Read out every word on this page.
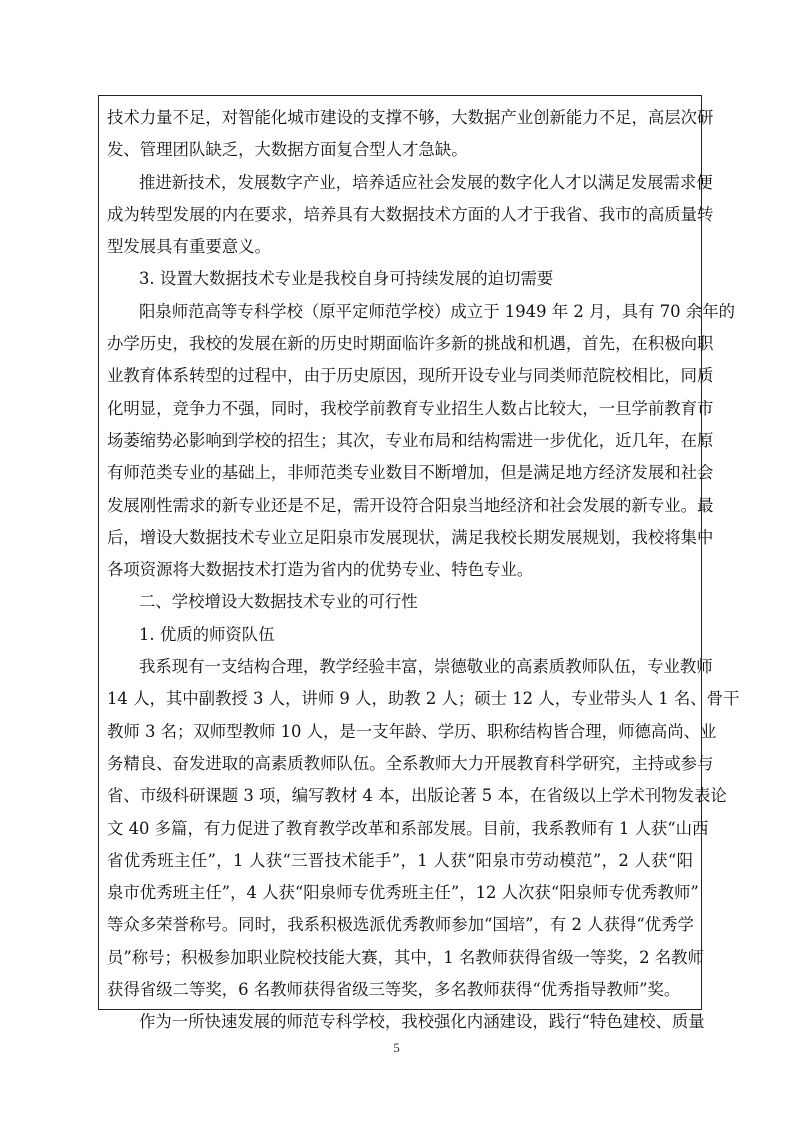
技术力量不足，对智能化城市建设的支撑不够，大数据产业创新能力不足，高层次研
发、管理团队缺乏，大数据方面复合型人才急缺。
推进新技术，发展数字产业，培养适应社会发展的数字化人才以满足发展需求便
成为转型发展的内在要求，培养具有大数据技术方面的人才于我省、我市的高质量转
型发展具有重要意义。
3. 设置大数据技术专业是我校自身可持续发展的迫切需要
阳泉师范高等专科学校（原平定师范学校）成立于 1949 年 2 月，具有 70 余年的
办学历史，我校的发展在新的历史时期面临许多新的挑战和机遇，首先，在积极向职
业教育体系转型的过程中，由于历史原因，现所开设专业与同类师范院校相比，同质
化明显，竞争力不强，同时，我校学前教育专业招生人数占比较大，一旦学前教育市
场萎缩势必影响到学校的招生；其次，专业布局和结构需进一步优化，近几年，在原
有师范类专业的基础上，非师范类专业数目不断增加，但是满足地方经济发展和社会
发展刚性需求的新专业还是不足，需开设符合阳泉当地经济和社会发展的新专业。最
后，增设大数据技术专业立足阳泉市发展现状，满足我校长期发展规划，我校将集中
各项资源将大数据技术打造为省内的优势专业、特色专业。
二、学校增设大数据技术专业的可行性
1. 优质的师资队伍
我系现有一支结构合理，教学经验丰富，崇德敬业的高素质教师队伍，专业教师
14 人，其中副教授 3 人，讲师 9 人，助教 2 人；硕士 12 人，专业带头人 1 名、骨干
教师 3 名；双师型教师 10 人，是一支年龄、学历、职称结构皆合理，师德高尚、业
务精良、奋发进取的高素质教师队伍。全系教师大力开展教育科学研究，主持或参与
省、市级科研课题 3 项，编写教材 4 本，出版论著 5 本，在省级以上学术刊物发表论
文 40 多篇，有力促进了教育教学改革和系部发展。目前，我系教师有 1 人获“山西
省优秀班主任”，1 人获“三晋技术能手”，1 人获“阳泉市劳动模范”，2 人获“阳
泉市优秀班主任”，4 人获“阳泉师专优秀班主任”，12 人次获“阳泉师专优秀教师”
等众多荣誉称号。同时，我系积极选派优秀教师参加“国培”，有 2 人获得“优秀学
员”称号；积极参加职业院校技能大赛，其中，1 名教师获得省级一等奖，2 名教师
获得省级二等奖，6 名教师获得省级三等奖，多名教师获得“优秀指导教师”奖。
作为一所快速发展的师范专科学校，我校强化内涵建设，践行“特色建校、质量
5
